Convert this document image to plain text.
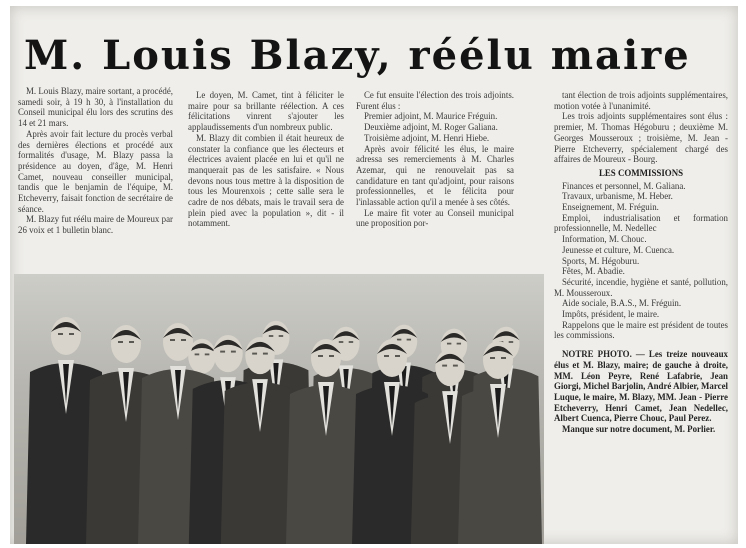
M. Louis Blazy, réélu maire

M. Louis Blazy, maire sortant, a procédé, samedi soir, à 19 h 30, à l'installation du Conseil municipal élu lors des scrutins des 14 et 21 mars.

Après avoir fait lecture du procès verbal des dernières élections et procédé aux formalités d'usage, M. Blazy passa la présidence au doyen, d'âge, M. Henri Camet, nouveau conseiller municipal, tandis que le benjamin de l'équipe, M. Etcheverry, faisait fonction de secrétaire de séance.

M. Blazy fut réélu maire de Moureux par 26 voix et 1 bulletin blanc.

Le doyen, M. Camet, tint à féliciter le maire pour sa brillante réélection. A ces félicitations vinrent s'ajouter les applaudissements d'un nombreux public.

M. Blazy dit combien il était heureux de constater la confiance que les électeurs et électrices avaient placée en lui et qu'il ne manquerait pas de les satisfaire. « Nous devons nous tous mettre à la disposition de tous les Mourenxois ; cette salle sera le cadre de nos débats, mais le travail sera de plein pied avec la population », dit - il notamment.

Ce fut ensuite l'élection des trois adjoints. Furent élus :

Premier adjoint, M. Maurice Fréguin.

Deuxième adjoint, M. Roger Galiana.

Troisième adjoint, M. Henri Hiebe.

Après avoir félicité les élus, le maire adressa ses remerciements à M. Charles Azemar, qui ne renouvelait pas sa candidature en tant qu'adjoint, pour raisons professionnelles, et le félicita pour l'inlassable action qu'il a menée à ses côtés.

Le maire fit voter au Conseil municipal une proposition por-

tant élection de trois adjoints supplémentaires, motion votée à l'unanimité.

Les trois adjoints supplémentaires sont élus : premier, M. Thomas Hégoburu ; deuxième M. Georges Mousseroux ; troisième, M. Jean - Pierre Etcheverry, spécialement chargé des affaires de Moureux - Bourg.

LES COMMISSIONS

Finances et personnel, M. Galiana.

Travaux, urbanisme, M. Heber.

Enseignement, M. Fréguin.

Emploi, industrialisation et formation professionnelle, M. Nedellec

Information, M. Chouc.

Jeunesse et culture, M. Cuenca.

Sports, M. Hégoburu.

Fêtes, M. Abadie.

Sécurité, incendie, hygiène et santé, pollution, M. Mousseroux.

Aide sociale, B.A.S., M. Fréguin.

Impôts, président, le maire.

Rappelons que le maire est président de toutes les commissions.

NOTRE PHOTO. — Les treize nouveaux élus et M. Blazy, maire; de gauche à droite, MM. Léon Peyre, René Lafabrie, Jean Giorgi, Michel Barjolin, André Albier, Marcel Luque, le maire, M. Blazy, MM. Jean - Pierre Etcheverry, Henri Camet, Jean Nedellec, Albert Cuenca, Pierre Chouc, Paul Perez.

Manque sur notre document, M. Porlier.
